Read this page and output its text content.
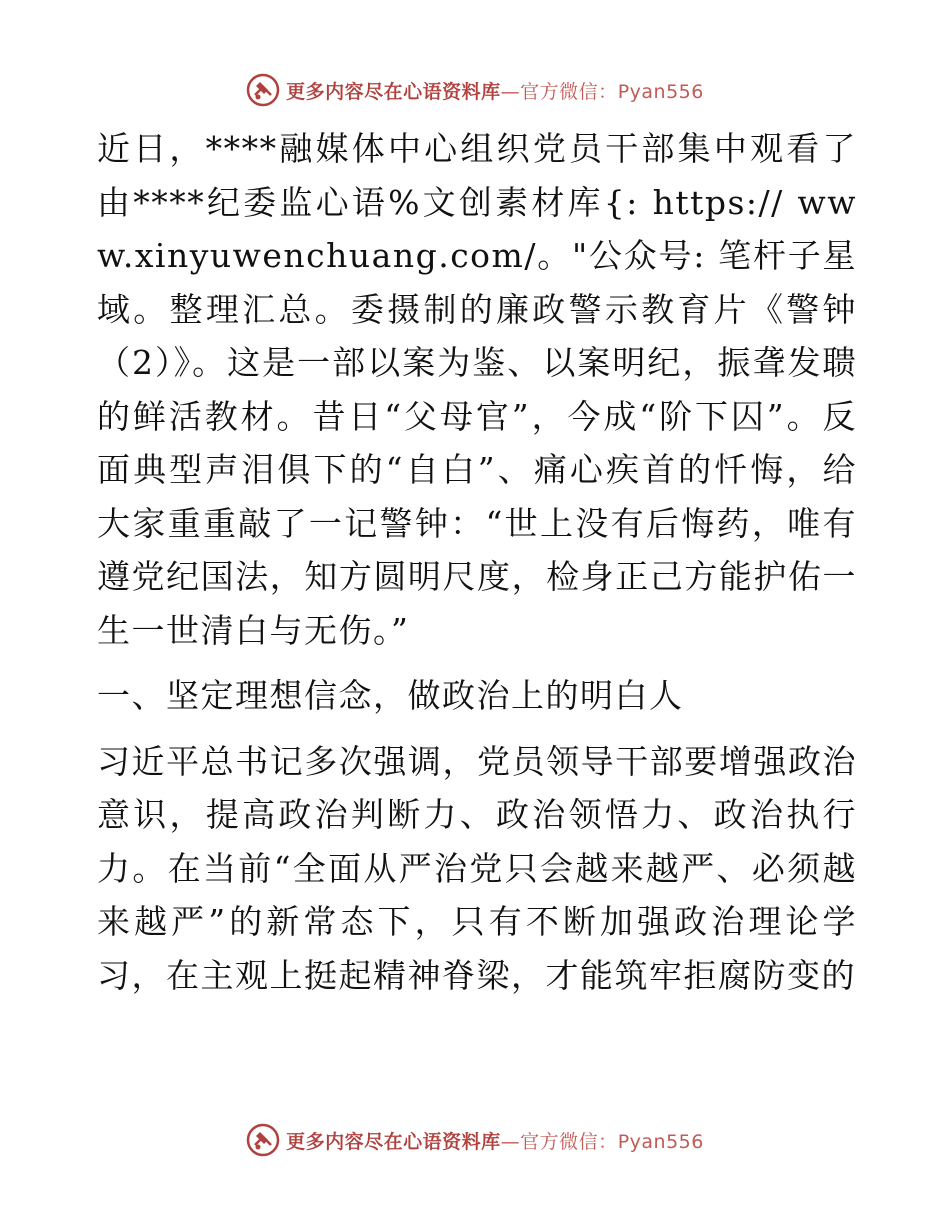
更多内容尽在心语资料库—官方微信：Pyan556

近日，****融媒体中心组织党员干部集中观看了由****纪委监心语%文创素材库{: https:// www.xinyuwenchuang.com/。"公众号: 笔杆子星域。整理汇总。委摄制的廉政警示教育片《警钟（2）》。这是一部以案为鉴、以案明纪，振聋发聩的鲜活教材。昔日“父母官”，今成“阶下囚”。反面典型声泪俱下的“自白”、痛心疾首的忏悔，给大家重重敲了一记警钟：“世上没有后悔药，唯有遵党纪国法，知方圆明尺度，检身正己方能护佑一生一世清白与无伤。”

一、坚定理想信念，做政治上的明白人

习近平总书记多次强调，党员领导干部要增强政治意识，提高政治判断力、政治领悟力、政治执行力。在当前“全面从严治党只会越来越严、必须越来越严”的新常态下，只有不断加强政治理论学习，在主观上挺起精神脊梁，才能筑牢拒腐防变的

更多内容尽在心语资料库—官方微信：Pyan556
